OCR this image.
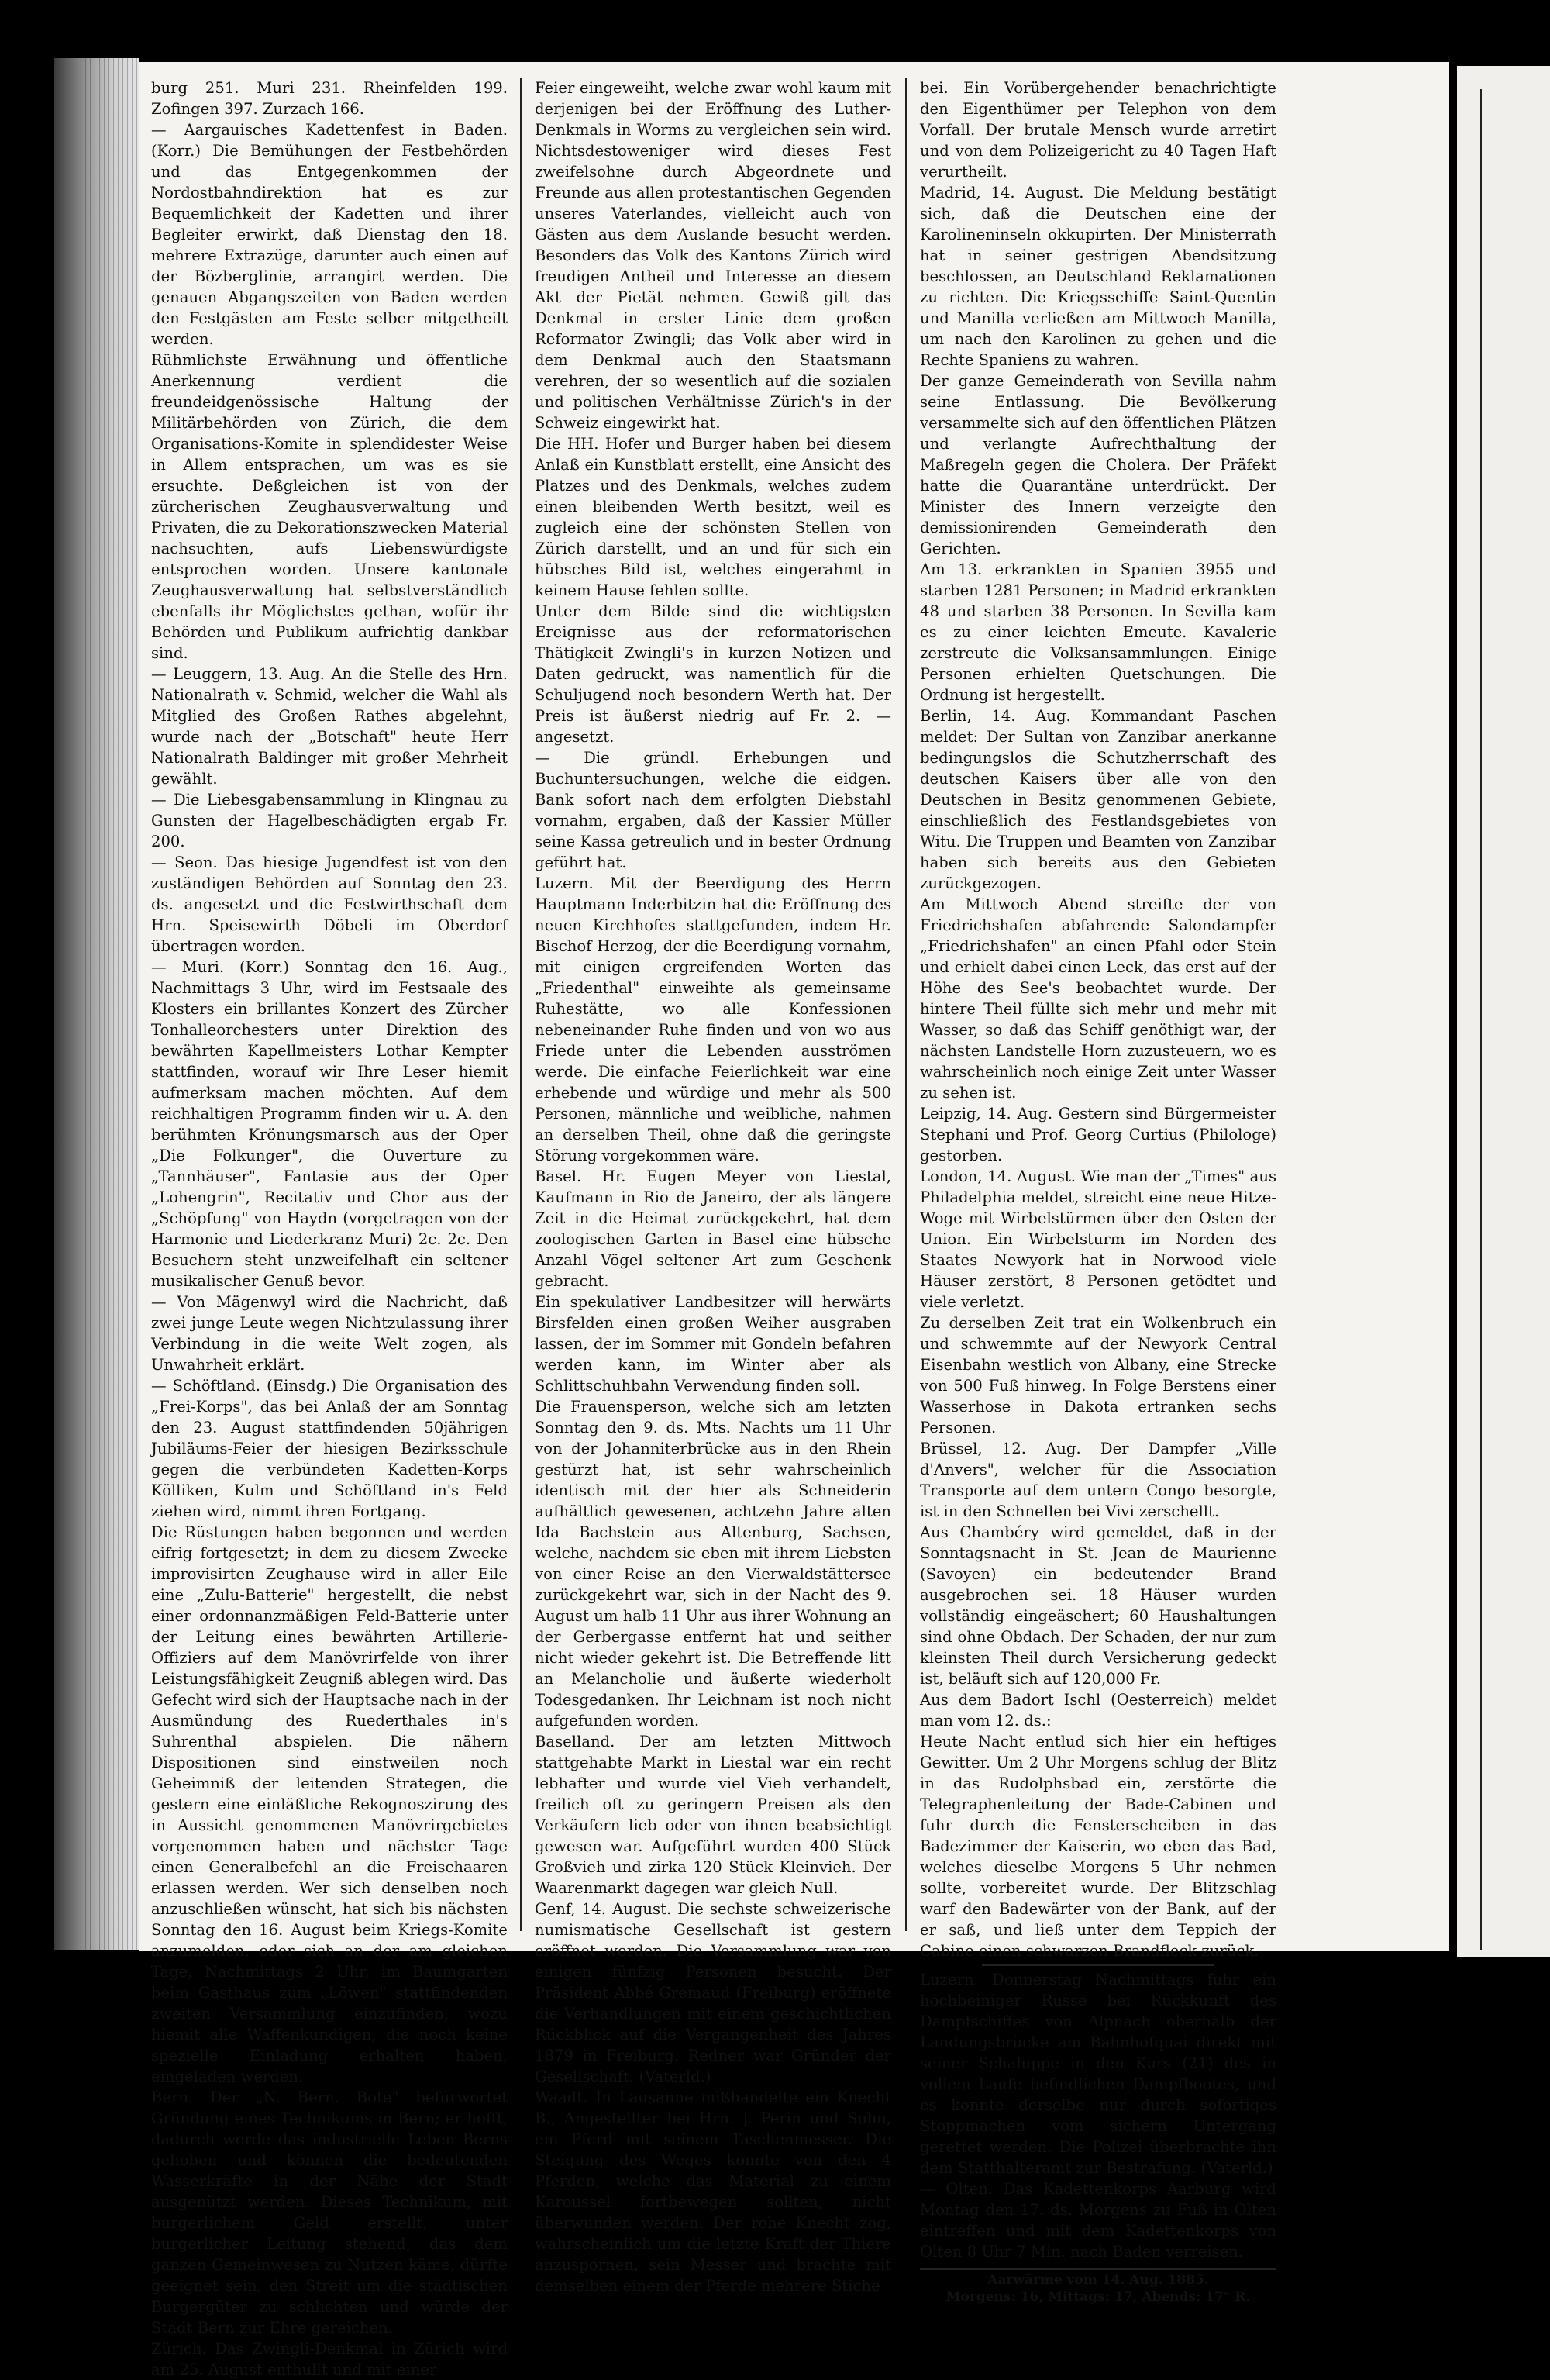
burg 251. Muri 231. Rheinfelden 199. Zofingen 397. Zurzach 166.

— Aargauisches Kadettenfest in Baden. (Korr.) Die Bemühungen der Festbehörden und das Entgegenkommen der Nordostbahndirektion hat es zur Bequemlichkeit der Kadetten und ihrer Begleiter erwirkt, daß Dienstag den 18. mehrere Extrazüge, darunter auch einen auf der Bözberglinie, arrangirt werden. Die genauen Abgangszeiten von Baden werden den Festgästen am Feste selber mitgetheilt werden.

Rühmlichste Erwähnung und öffentliche Anerkennung verdient die freundeidgenössische Haltung der Militärbehörden von Zürich, die dem Organisations-Komite in splendidester Weise in Allem entsprachen, um was es sie ersuchte. Deßgleichen ist von der zürcherischen Zeughausverwaltung und Privaten, die zu Dekorationszwecken Material nachsuchten, aufs Liebenswürdigste entsprochen worden. Unsere kantonale Zeughausverwaltung hat selbstverständlich ebenfalls ihr Möglichstes gethan, wofür ihr Behörden und Publikum aufrichtig dankbar sind.

— Leuggern, 13. Aug. An die Stelle des Hrn. Nationalrath v. Schmid, welcher die Wahl als Mitglied des Großen Rathes abgelehnt, wurde nach der „Botschaft" heute Herr Nationalrath Baldinger mit großer Mehrheit gewählt.

— Die Liebesgabensammlung in Klingnau zu Gunsten der Hagelbeschädigten ergab Fr. 200.

— Seon. Das hiesige Jugendfest ist von den zuständigen Behörden auf Sonntag den 23. ds. angesetzt und die Festwirthschaft dem Hrn. Speisewirth Döbeli im Oberdorf übertragen worden.

— Muri. (Korr.) Sonntag den 16. Aug., Nachmittags 3 Uhr, wird im Festsaale des Klosters ein brillantes Konzert des Zürcher Tonhalleorchesters unter Direktion des bewährten Kapellmeisters Lothar Kempter stattfinden, worauf wir Ihre Leser hiemit aufmerksam machen möchten. Auf dem reichhaltigen Programm finden wir u. A. den berühmten Krönungsmarsch aus der Oper „Die Folkunger", die Ouverture zu „Tannhäuser", Fantasie aus der Oper „Lohengrin", Recitativ und Chor aus der „Schöpfung" von Haydn (vorgetragen von der Harmonie und Liederkranz Muri) 2c. 2c. Den Besuchern steht unzweifelhaft ein seltener musikalischer Genuß bevor.

— Von Mägenwyl wird die Nachricht, daß zwei junge Leute wegen Nichtzulassung ihrer Verbindung in die weite Welt zogen, als Unwahrheit erklärt.

— Schöftland. (Einsdg.) Die Organisation des „Frei-Korps", das bei Anlaß der am Sonntag den 23. August stattfindenden 50jährigen Jubiläums-Feier der hiesigen Bezirksschule gegen die verbündeten Kadetten-Korps Kölliken, Kulm und Schöftland in's Feld ziehen wird, nimmt ihren Fortgang.

Die Rüstungen haben begonnen und werden eifrig fortgesetzt; in dem zu diesem Zwecke improvisirten Zeughause wird in aller Eile eine „Zulu-Batterie" hergestellt, die nebst einer ordonnanzmäßigen Feld-Batterie unter der Leitung eines bewährten Artillerie-Offiziers auf dem Manövrirfelde von ihrer Leistungsfähigkeit Zeugniß ablegen wird. Das Gefecht wird sich der Hauptsache nach in der Ausmündung des Ruederthales in's Suhrenthal abspielen. Die nähern Dispositionen sind einstweilen noch Geheimniß der leitenden Strategen, die gestern eine einläßliche Rekognoszirung des in Aussicht genommenen Manövrirgebietes vorgenommen haben und nächster Tage einen Generalbefehl an die Freischaaren erlassen werden. Wer sich denselben noch anzuschließen wünscht, hat sich bis nächsten Sonntag den 16. August beim Kriegs-Komite anzumelden, oder sich an der am gleichen Tage, Nachmittags 2 Uhr, im Baumgarten beim Gasthaus zum „Löwen" stattfindenden zweiten Versammlung einzufinden, wozu hiemit alle Waffenkundigen, die noch keine spezielle Einladung erhalten haben, eingeladen werden.

Bern. Der „N. Bern. Bote" befürwortet Gründung eines Technikums in Bern; er hofft, dadurch werde das industrielle Leben Berns gehoben und können die bedeutenden Wasserkräfte in der Nähe der Stadt ausgenützt werden. Dieses Technikum, mit burgerlichem Geld erstellt, unter burgerlicher Leitung stehend, das dem ganzen Gemeinwesen zu Nutzen käme, dürfte geeignet sein, den Streit um die städtischen Burgergüter zu schlichten und würde der Stadt Bern zur Ehre gereichen.

Zürich. Das Zwingli-Denkmal in Zürich wird am 25. August enthüllt und mit einer

Feier eingeweiht, welche zwar wohl kaum mit derjenigen bei der Eröffnung des Luther-Denkmals in Worms zu vergleichen sein wird. Nichtsdestoweniger wird dieses Fest zweifelsohne durch Abgeordnete und Freunde aus allen protestantischen Gegenden unseres Vaterlandes, vielleicht auch von Gästen aus dem Auslande besucht werden. Besonders das Volk des Kantons Zürich wird freudigen Antheil und Interesse an diesem Akt der Pietät nehmen. Gewiß gilt das Denkmal in erster Linie dem großen Reformator Zwingli; das Volk aber wird in dem Denkmal auch den Staatsmann verehren, der so wesentlich auf die sozialen und politischen Verhältnisse Zürich's in der Schweiz eingewirkt hat.

Die HH. Hofer und Burger haben bei diesem Anlaß ein Kunstblatt erstellt, eine Ansicht des Platzes und des Denkmals, welches zudem einen bleibenden Werth besitzt, weil es zugleich eine der schönsten Stellen von Zürich darstellt, und an und für sich ein hübsches Bild ist, welches eingerahmt in keinem Hause fehlen sollte.

Unter dem Bilde sind die wichtigsten Ereignisse aus der reformatorischen Thätigkeit Zwingli's in kurzen Notizen und Daten gedruckt, was namentlich für die Schuljugend noch besondern Werth hat. Der Preis ist äußerst niedrig auf Fr. 2. — angesetzt.

— Die gründl. Erhebungen und Buchuntersuchungen, welche die eidgen. Bank sofort nach dem erfolgten Diebstahl vornahm, ergaben, daß der Kassier Müller seine Kassa getreulich und in bester Ordnung geführt hat.

Luzern. Mit der Beerdigung des Herrn Hauptmann Inderbitzin hat die Eröffnung des neuen Kirchhofes stattgefunden, indem Hr. Bischof Herzog, der die Beerdigung vornahm, mit einigen ergreifenden Worten das „Friedenthal" einweihte als gemeinsame Ruhestätte, wo alle Konfessionen nebeneinander Ruhe finden und von wo aus Friede unter die Lebenden ausströmen werde. Die einfache Feierlichkeit war eine erhebende und würdige und mehr als 500 Personen, männliche und weibliche, nahmen an derselben Theil, ohne daß die geringste Störung vorgekommen wäre.

Basel. Hr. Eugen Meyer von Liestal, Kaufmann in Rio de Janeiro, der als längere Zeit in die Heimat zurückgekehrt, hat dem zoologischen Garten in Basel eine hübsche Anzahl Vögel seltener Art zum Geschenk gebracht.

Ein spekulativer Landbesitzer will herwärts Birsfelden einen großen Weiher ausgraben lassen, der im Sommer mit Gondeln befahren werden kann, im Winter aber als Schlittschuhbahn Verwendung finden soll.

Die Frauensperson, welche sich am letzten Sonntag den 9. ds. Mts. Nachts um 11 Uhr von der Johanniterbrücke aus in den Rhein gestürzt hat, ist sehr wahrscheinlich identisch mit der hier als Schneiderin aufhältlich gewesenen, achtzehn Jahre alten Ida Bachstein aus Altenburg, Sachsen, welche, nachdem sie eben mit ihrem Liebsten von einer Reise an den Vierwaldstättersee zurückgekehrt war, sich in der Nacht des 9. August um halb 11 Uhr aus ihrer Wohnung an der Gerbergasse entfernt hat und seither nicht wieder gekehrt ist. Die Betreffende litt an Melancholie und äußerte wiederholt Todesgedanken. Ihr Leichnam ist noch nicht aufgefunden worden.

Baselland. Der am letzten Mittwoch stattgehabte Markt in Liestal war ein recht lebhafter und wurde viel Vieh verhandelt, freilich oft zu geringern Preisen als den Verkäufern lieb oder von ihnen beabsichtigt gewesen war. Aufgeführt wurden 400 Stück Großvieh und zirka 120 Stück Kleinvieh. Der Waarenmarkt dagegen war gleich Null.

Genf, 14. August. Die sechste schweizerische numismatische Gesellschaft ist gestern eröffnet worden. Die Versammlung war von einigen fünfzig Personen besucht. Der Präsident Abbé Gremaud (Freiburg) eröffnete die Verhandlungen mit einem geschichtlichen Rückblick auf die Vergangenheit des Jahres 1879 in Freiburg. Redner war Gründer der Gesellschaft. (Vaterld.)

Waadt. In Lausanne mißhandelte ein Knecht B., Angestellter bei Hrn. J. Perin und Sohn, ein Pferd mit seinem Taschenmesser. Die Steigung des Weges konnte von den 4 Pferden, welche das Material zu einem Karoussel fortbewegen sollten, nicht überwunden werden. Der rohe Knecht zog, wahrscheinlich um die letzte Kraft der Thiere anzuspornen, sein Messer und brachte mit demselben einem der Pferde mehrere Stiche

bei. Ein Vorübergehender benachrichtigte den Eigenthümer per Telephon von dem Vorfall. Der brutale Mensch wurde arretirt und von dem Polizeigericht zu 40 Tagen Haft verurtheilt.

Madrid, 14. August. Die Meldung bestätigt sich, daß die Deutschen eine der Karolineninseln okkupirten. Der Ministerrath hat in seiner gestrigen Abendsitzung beschlossen, an Deutschland Reklamationen zu richten. Die Kriegsschiffe Saint-Quentin und Manilla verließen am Mittwoch Manilla, um nach den Karolinen zu gehen und die Rechte Spaniens zu wahren.

Der ganze Gemeinderath von Sevilla nahm seine Entlassung. Die Bevölkerung versammelte sich auf den öffentlichen Plätzen und verlangte Aufrechthaltung der Maßregeln gegen die Cholera. Der Präfekt hatte die Quarantäne unterdrückt. Der Minister des Innern verzeigte den demissionirenden Gemeinderath den Gerichten.

Am 13. erkrankten in Spanien 3955 und starben 1281 Personen; in Madrid erkrankten 48 und starben 38 Personen. In Sevilla kam es zu einer leichten Emeute. Kavalerie zerstreute die Volksansammlungen. Einige Personen erhielten Quetschungen. Die Ordnung ist hergestellt.

Berlin, 14. Aug. Kommandant Paschen meldet: Der Sultan von Zanzibar anerkanne bedingungslos die Schutzherrschaft des deutschen Kaisers über alle von den Deutschen in Besitz genommenen Gebiete, einschließlich des Festlandsgebietes von Witu. Die Truppen und Beamten von Zanzibar haben sich bereits aus den Gebieten zurückgezogen.

Am Mittwoch Abend streifte der von Friedrichshafen abfahrende Salondampfer „Friedrichshafen" an einen Pfahl oder Stein und erhielt dabei einen Leck, das erst auf der Höhe des See's beobachtet wurde. Der hintere Theil füllte sich mehr und mehr mit Wasser, so daß das Schiff genöthigt war, der nächsten Landstelle Horn zuzusteuern, wo es wahrscheinlich noch einige Zeit unter Wasser zu sehen ist.

Leipzig, 14. Aug. Gestern sind Bürgermeister Stephani und Prof. Georg Curtius (Philologe) gestorben.

London, 14. August. Wie man der „Times" aus Philadelphia meldet, streicht eine neue Hitze-Woge mit Wirbelstürmen über den Osten der Union. Ein Wirbelsturm im Norden des Staates Newyork hat in Norwood viele Häuser zerstört, 8 Personen getödtet und viele verletzt.

Zu derselben Zeit trat ein Wolkenbruch ein und schwemmte auf der Newyork Central Eisenbahn westlich von Albany, eine Strecke von 500 Fuß hinweg. In Folge Berstens einer Wasserhose in Dakota ertranken sechs Personen.

Brüssel, 12. Aug. Der Dampfer „Ville d'Anvers", welcher für die Association Transporte auf dem untern Congo besorgte, ist in den Schnellen bei Vivi zerschellt.

Aus Chambéry wird gemeldet, daß in der Sonntagsnacht in St. Jean de Maurienne (Savoyen) ein bedeutender Brand ausgebrochen sei. 18 Häuser wurden vollständig eingeäschert; 60 Haushaltungen sind ohne Obdach. Der Schaden, der nur zum kleinsten Theil durch Versicherung gedeckt ist, beläuft sich auf 120,000 Fr.

Aus dem Badort Ischl (Oesterreich) meldet man vom 12. ds.:

Heute Nacht entlud sich hier ein heftiges Gewitter. Um 2 Uhr Morgens schlug der Blitz in das Rudolphsbad ein, zerstörte die Telegraphenleitung der Bade-Cabinen und fuhr durch die Fensterscheiben in das Badezimmer der Kaiserin, wo eben das Bad, welches dieselbe Morgens 5 Uhr nehmen sollte, vorbereitet wurde. Der Blitzschlag warf den Badewärter von der Bank, auf der er saß, und ließ unter dem Teppich der Cabine einen schwarzen Brandfleck zurück.

Luzern. Donnerstag Nachmittags fuhr ein hochbeiniger Russe bei Rückkunft des Dampfschiffes von Alpnach oberhalb der Landungsbrücke am Bahnhofquai direkt mit seiner Schaluppe in den Kurs (21) des in vollem Laufe befindlichen Dampfbootes, und es konnte derselbe nur durch sofortiges Stoppmachen vom sichern Untergang gerettet werden. Die Polizei überbrachte ihn dem Statthalteramt zur Bestrafung. (Vaterld.)

— Olten. Das Kadettenkorps Aarburg wird Montag den 17. ds. Morgens zu Fuß in Olten eintreffen und mit dem Kadettenkorps von Olten 8 Uhr 7 Min. nach Baden verreisen.

Aarwärme vom 14. Aug. 1885.
Morgens: 16, Mittags: 17, Abends: 17° R.
